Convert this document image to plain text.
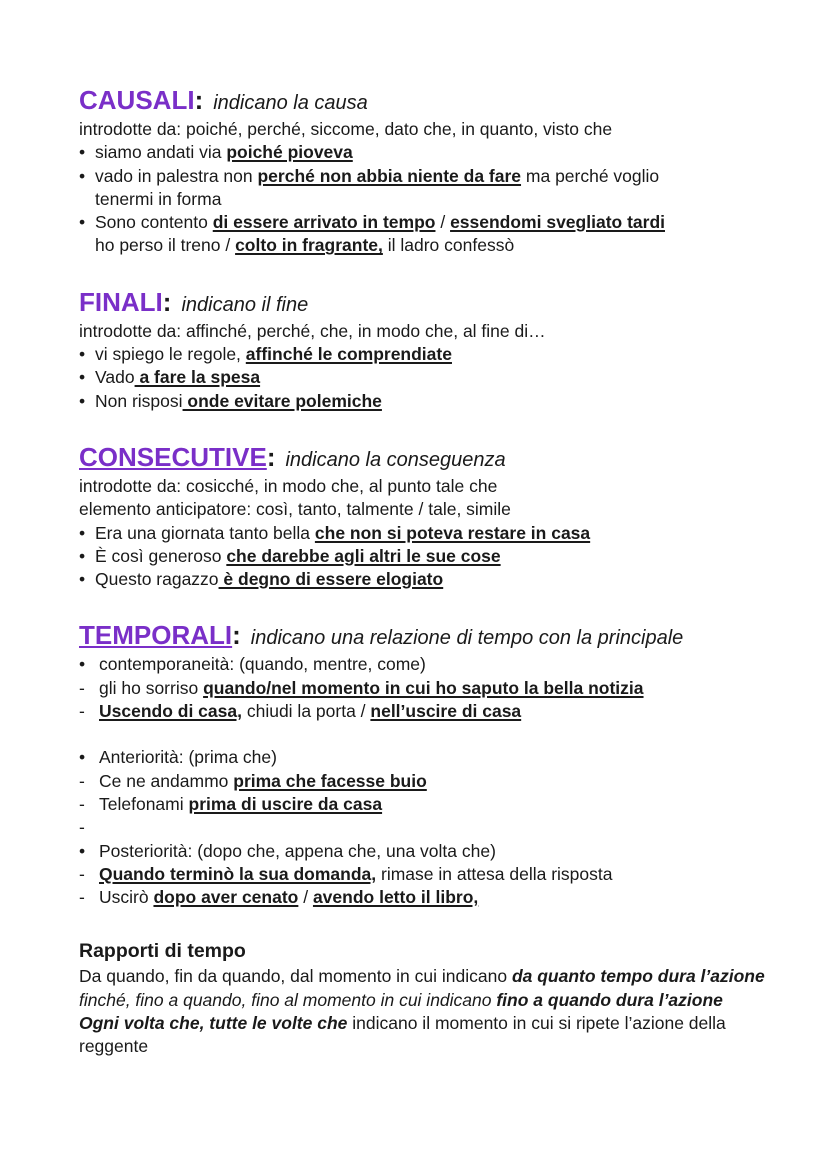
CAUSALI: indicano la causa
introdotte da: poiché, perché, siccome, dato che, in quanto, visto che
• siamo andati via poiché pioveva
• vado in palestra non perché non abbia niente da fare ma perché voglio
tenermi in forma
• Sono contento di essere arrivato in tempo / essendomi svegliato tardi
ho perso il treno / colto in fragrante, il ladro confessò
FINALI: indicano il fine
introdotte da: affinché, perché, che, in modo che, al fine di…
• vi spiego le regole, affinché le comprendiate
• Vado a fare la spesa
• Non risposi onde evitare polemiche
CONSECUTIVE: indicano la conseguenza
introdotte da: cosicché, in modo che, al punto tale che
elemento anticipatore: così, tanto, talmente / tale, simile
• Era una giornata tanto bella che non si poteva restare in casa
• È così generoso che darebbe agli altri le sue cose
• Questo ragazzo è degno di essere elogiato
TEMPORALI: indicano una relazione di tempo con la principale
• contemporaneità: (quando, mentre, come)
- gli ho sorriso quando/nel momento in cui ho saputo la bella notizia
- Uscendo di casa, chiudi la porta / nell’uscire di casa
• Anteriorità: (prima che)
- Ce ne andammo prima che facesse buio
- Telefonami prima di uscire da casa
-
• Posteriorità: (dopo che, appena che, una volta che)
- Quando terminò la sua domanda, rimase in attesa della risposta
- Uscirò dopo aver cenato / avendo letto il libro,
Rapporti di tempo
Da quando, fin da quando, dal momento in cui indicano da quanto tempo dura l’azione
finché, fino a quando, fino al momento in cui indicano fino a quando dura l’azione
Ogni volta che, tutte le volte che indicano il momento in cui si ripete l’azione della reggente
